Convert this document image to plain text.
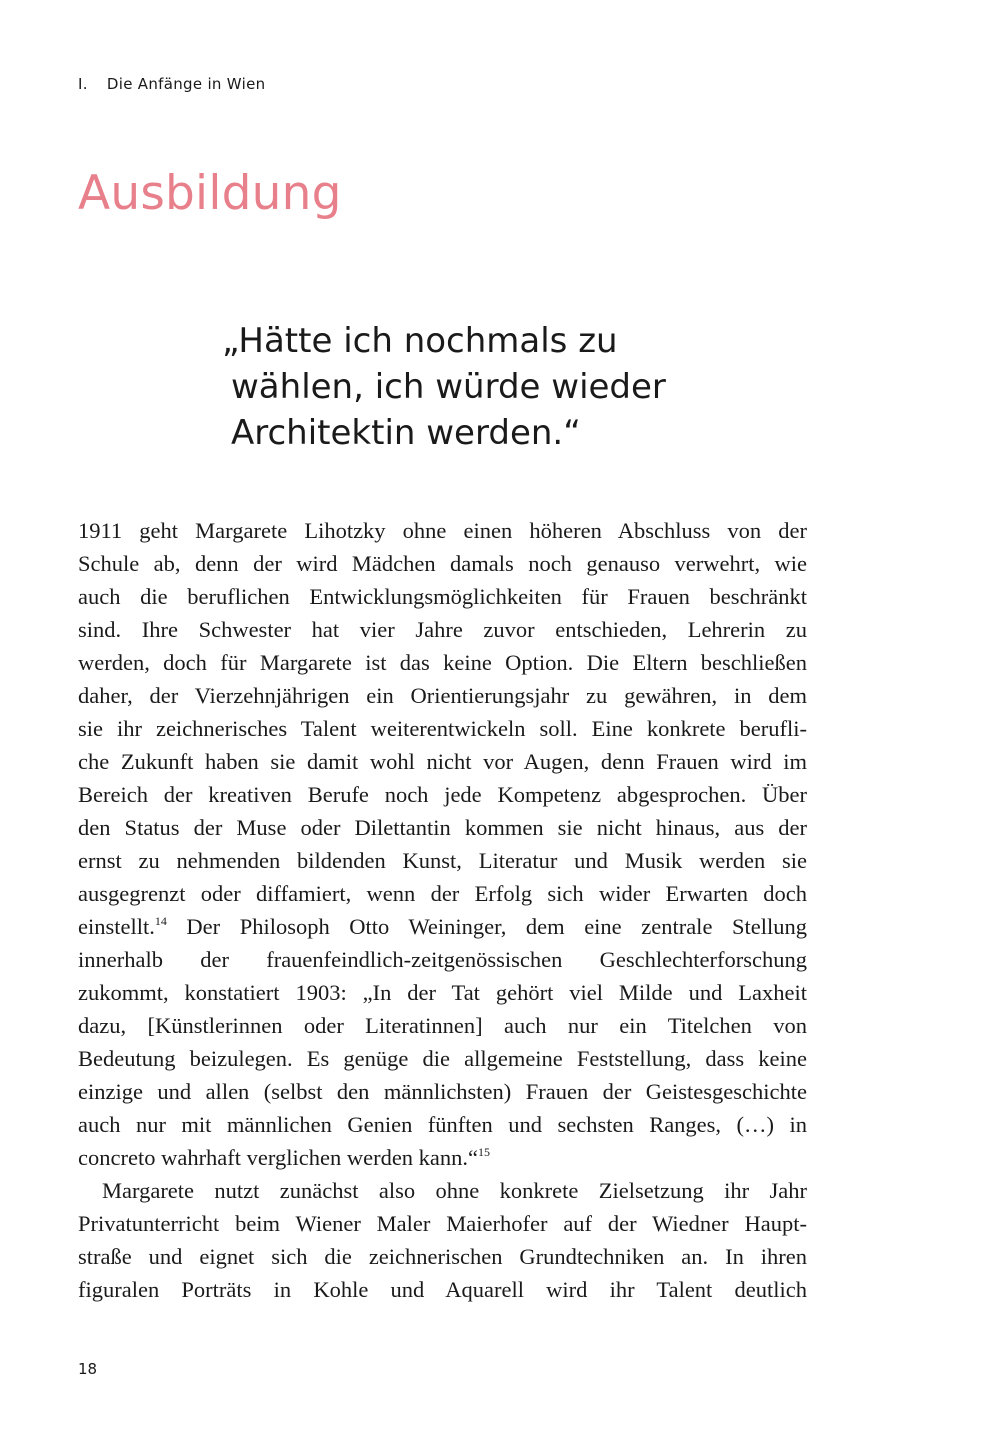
I. Die Anfänge in Wien
Ausbildung
„Hätte ich nochmals zu
wählen, ich würde wieder
Architektin werden.“
1911 geht Margarete Lihotzky ohne einen höheren Abschluss von der
Schule ab, denn der wird Mädchen damals noch genauso verwehrt, wie
auch die beruflichen Entwicklungsmöglichkeiten für Frauen beschränkt
sind. Ihre Schwester hat vier Jahre zuvor entschieden, Lehrerin zu
werden, doch für Margarete ist das keine Option. Die Eltern beschließen
daher, der Vierzehnjährigen ein Orientierungsjahr zu gewähren, in dem
sie ihr zeichnerisches Talent weiterentwickeln soll. Eine konkrete berufli-
che Zukunft haben sie damit wohl nicht vor Augen, denn Frauen wird im
Bereich der kreativen Berufe noch jede Kompetenz abgesprochen. Über
den Status der Muse oder Dilettantin kommen sie nicht hinaus, aus der
ernst zu nehmenden bildenden Kunst, Literatur und Musik werden sie
ausgegrenzt oder diffamiert, wenn der Erfolg sich wider Erwarten doch
einstellt.$^{14}$ Der Philosoph Otto Weininger, dem eine zentrale Stellung
innerhalb der frauenfeindlich-zeitgenössischen Geschlechterforschung
zukommt, konstatiert 1903: „In der Tat gehört viel Milde und Laxheit
dazu, [Künstlerinnen oder Literatinnen] auch nur ein Titelchen von
Bedeutung beizulegen. Es genüge die allgemeine Feststellung, dass keine
einzige und allen (selbst den männlichsten) Frauen der Geistesgeschichte
auch nur mit männlichen Genien fünften und sechsten Ranges, (…) in
concreto wahrhaft verglichen werden kann.“$^{15}$
Margarete nutzt zunächst also ohne konkrete Zielsetzung ihr Jahr
Privatunterricht beim Wiener Maler Maierhofer auf der Wiedner Haupt-
straße und eignet sich die zeichnerischen Grundtechniken an. In ihren
figuralen Porträts in Kohle und Aquarell wird ihr Talent deutlich
18
